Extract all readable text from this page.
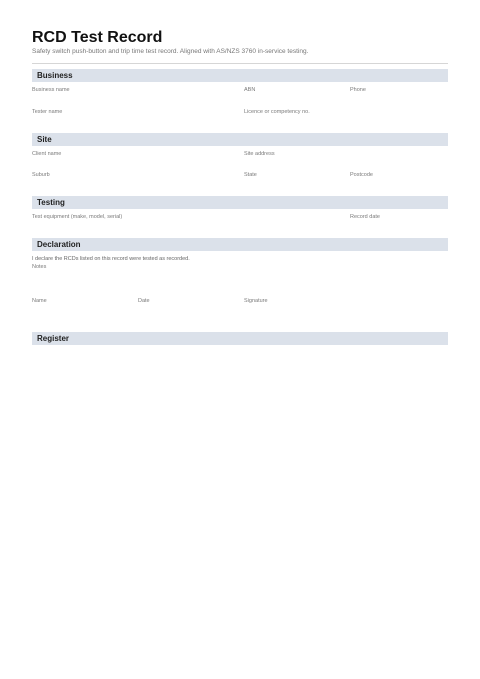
RCD Test Record
Safety switch push-button and trip time test record. Aligned with AS/NZS 3760 in-service testing.
Business
Business name	ABN	Phone
Tester name	Licence or competency no.
Site
Client name	Site address
Suburb	State	Postcode
Testing
Test equipment (make, model, serial)	Record date
Declaration
I declare the RCDs listed on this record were tested as recorded.
Notes
Name	Date	Signature
Register
